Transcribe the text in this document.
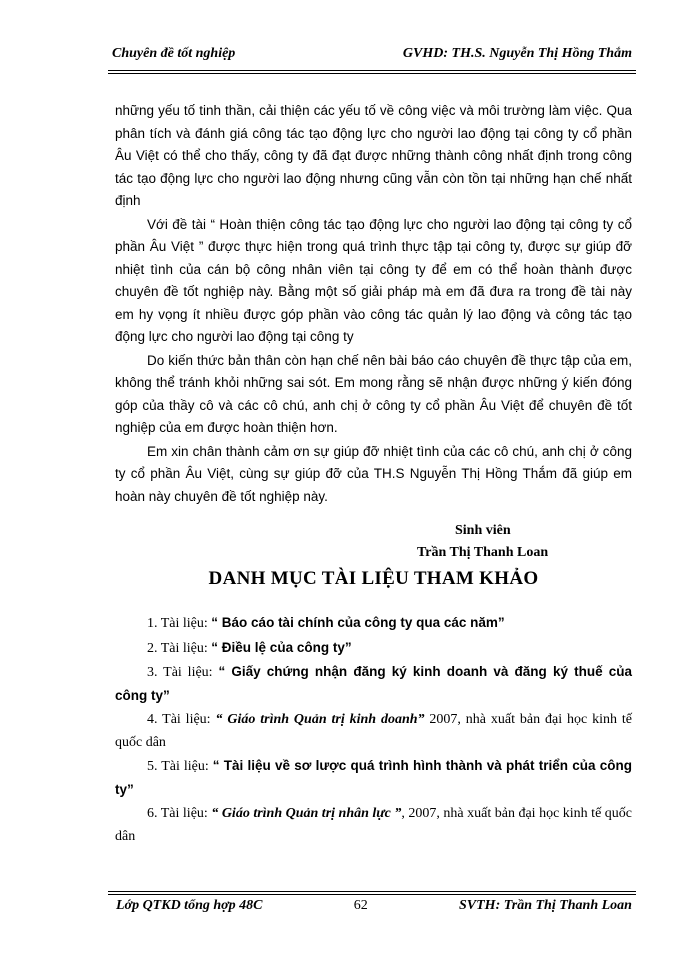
Chuyên đề tốt nghiệp	GVHD: TH.S. Nguyễn Thị Hồng Thắm

những yếu tố tinh thần, cải thiện các yếu tố về công việc và môi trường làm việc. Qua phân tích và đánh giá công tác tạo động lực cho người lao động tại công ty cổ phần Âu Việt có thể cho thấy, công ty đã đạt được những thành công nhất định trong công tác tạo động lực cho người lao động nhưng cũng vẫn còn tồn tại những hạn chế nhất định

Với đề tài “ Hoàn thiện công tác tạo động lực cho người lao động tại công ty cổ phần Âu Việt ” được thực hiện trong quá trình thực tập tại công ty, được sự giúp đỡ nhiệt tình của cán bộ công nhân viên tại công ty để em có thể hoàn thành được chuyên đề tốt nghiệp này. Bằng một số giải pháp mà em đã đưa ra trong đề tài này em hy vọng ít nhiều được góp phần vào công tác quản lý lao động và công tác tạo động lực cho người lao động tại công ty

Do kiến thức bản thân còn hạn chế nên bài báo cáo chuyên đề thực tập của em, không thể tránh khỏi những sai sót. Em mong rằng sẽ nhận được những ý kiến đóng góp của thầy cô và các cô chú, anh chị ở công ty cổ phần Âu Việt để chuyên đề tốt nghiệp của em được hoàn thiện hơn.

Em xin chân thành cảm ơn sự giúp đỡ nhiệt tình của các cô chú, anh chị ở công ty cổ phần Âu Việt, cùng sự giúp đỡ của TH.S Nguyễn Thị Hồng Thắm đã giúp em hoàn này chuyên đề tốt nghiệp này.

Sinh viên
Trần Thị Thanh Loan
DANH MỤC TÀI LIỆU THAM KHẢO

1. Tài liệu: “ Báo cáo tài chính của công ty qua các năm”

2. Tài liệu: “ Điều lệ của công ty”

3. Tài liệu: “ Giấy chứng nhận đăng ký kinh doanh và đăng ký thuế của công ty”

4. Tài liệu: “ Giáo trình Quản trị kinh doanh” 2007, nhà xuất bản đại học kinh tế quốc dân

5. Tài liệu: “ Tài liệu về sơ lược quá trình hình thành và phát triển của công ty”

6. Tài liệu: “ Giáo trình Quản trị nhân lực ”, 2007, nhà xuất bản đại học kinh tế quốc dân

Lớp QTKD tổng hợp 48C	62	SVTH: Trần Thị Thanh Loan
